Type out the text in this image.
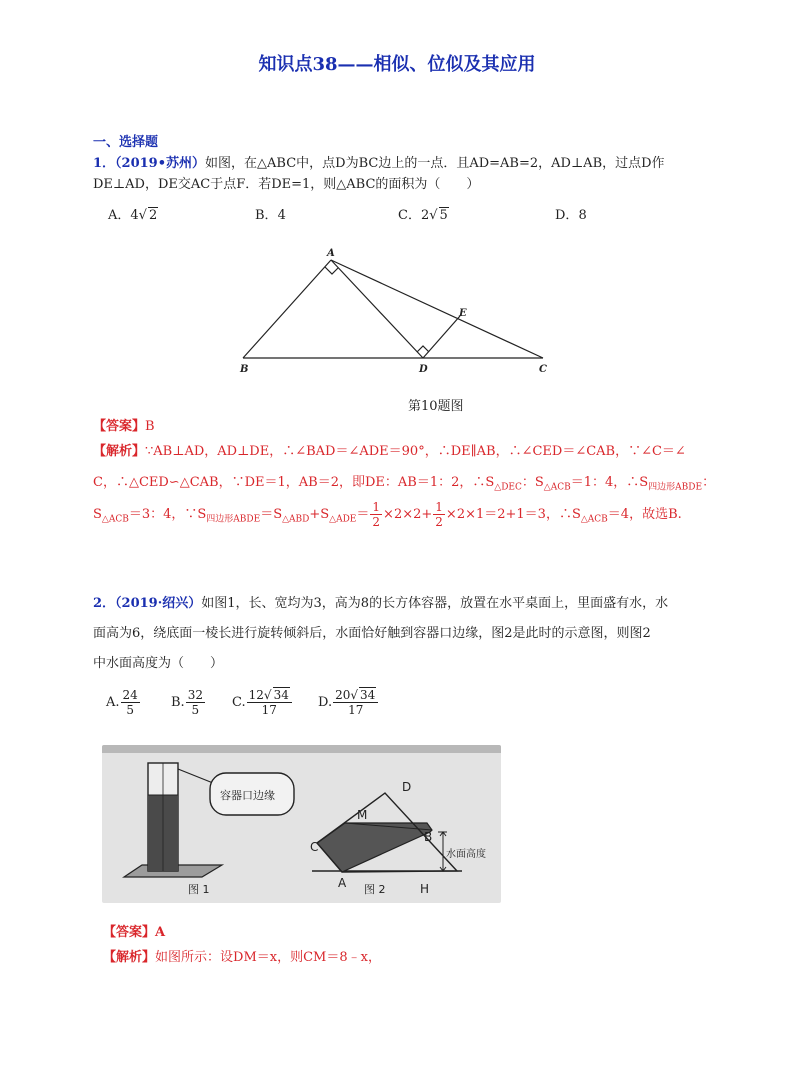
知识点38——相似、位似及其应用
一、选择题
1．（2019•苏州）如图，在△ABC中，点D为BC边上的一点．且AD=AB=2，AD⊥AB，过点D作
DE⊥AD，DE交AC于点F．若DE=1，则△ABC的面积为（　　）
A．4√ 2	B．4	C．2√ 5	D．8
A
B	D	C
E
第10题图
【答案】B
【解析】∵AB⊥AD，AD⊥DE，∴∠BAD＝∠ADE＝90°，∴DE∥AB，∴∠CED＝∠CAB，∵∠C＝∠
C，∴△CED∽△CAB，∵DE＝1，AB＝2，即DE：AB＝1：2，$\therefore S_{\triangle DEC}$：$S_{\triangle ACB}=1$：4，$\therefore S_{四边形ABDE}$：
$S_{\triangle ACB}=3$：4，$\because S_{四边形ABDE}=S_{\triangle ABD}+S_{\triangle ADE}= \frac{1}{2} \times 2\times 2+ \frac{1}{2} \times 2\times 1=2+1=3$，$\therefore S_{\triangle ACB}=4$，故选B.
2．（2019·绍兴）如图1，长、宽均为3，高为8的长方体容器，放置在水平桌面上，里面盛有水，水
面高为6，绕底面一棱长进行旋转倾斜后，水面恰好触到容器口边缘，图2是此时的示意图，则图2
中水面高度为（　　）
A. $\frac{24}{5} B$. $\frac{32}{5} C$. $\frac{12√ 34}{17} D$. $\frac{20√ 34}{17}$
容器口边缘
图 1
水面高度
D
M
B
C
A	H
图 2
【答案】A
【解析】如图所示：设DM＝x，则CM＝8﹣x，
